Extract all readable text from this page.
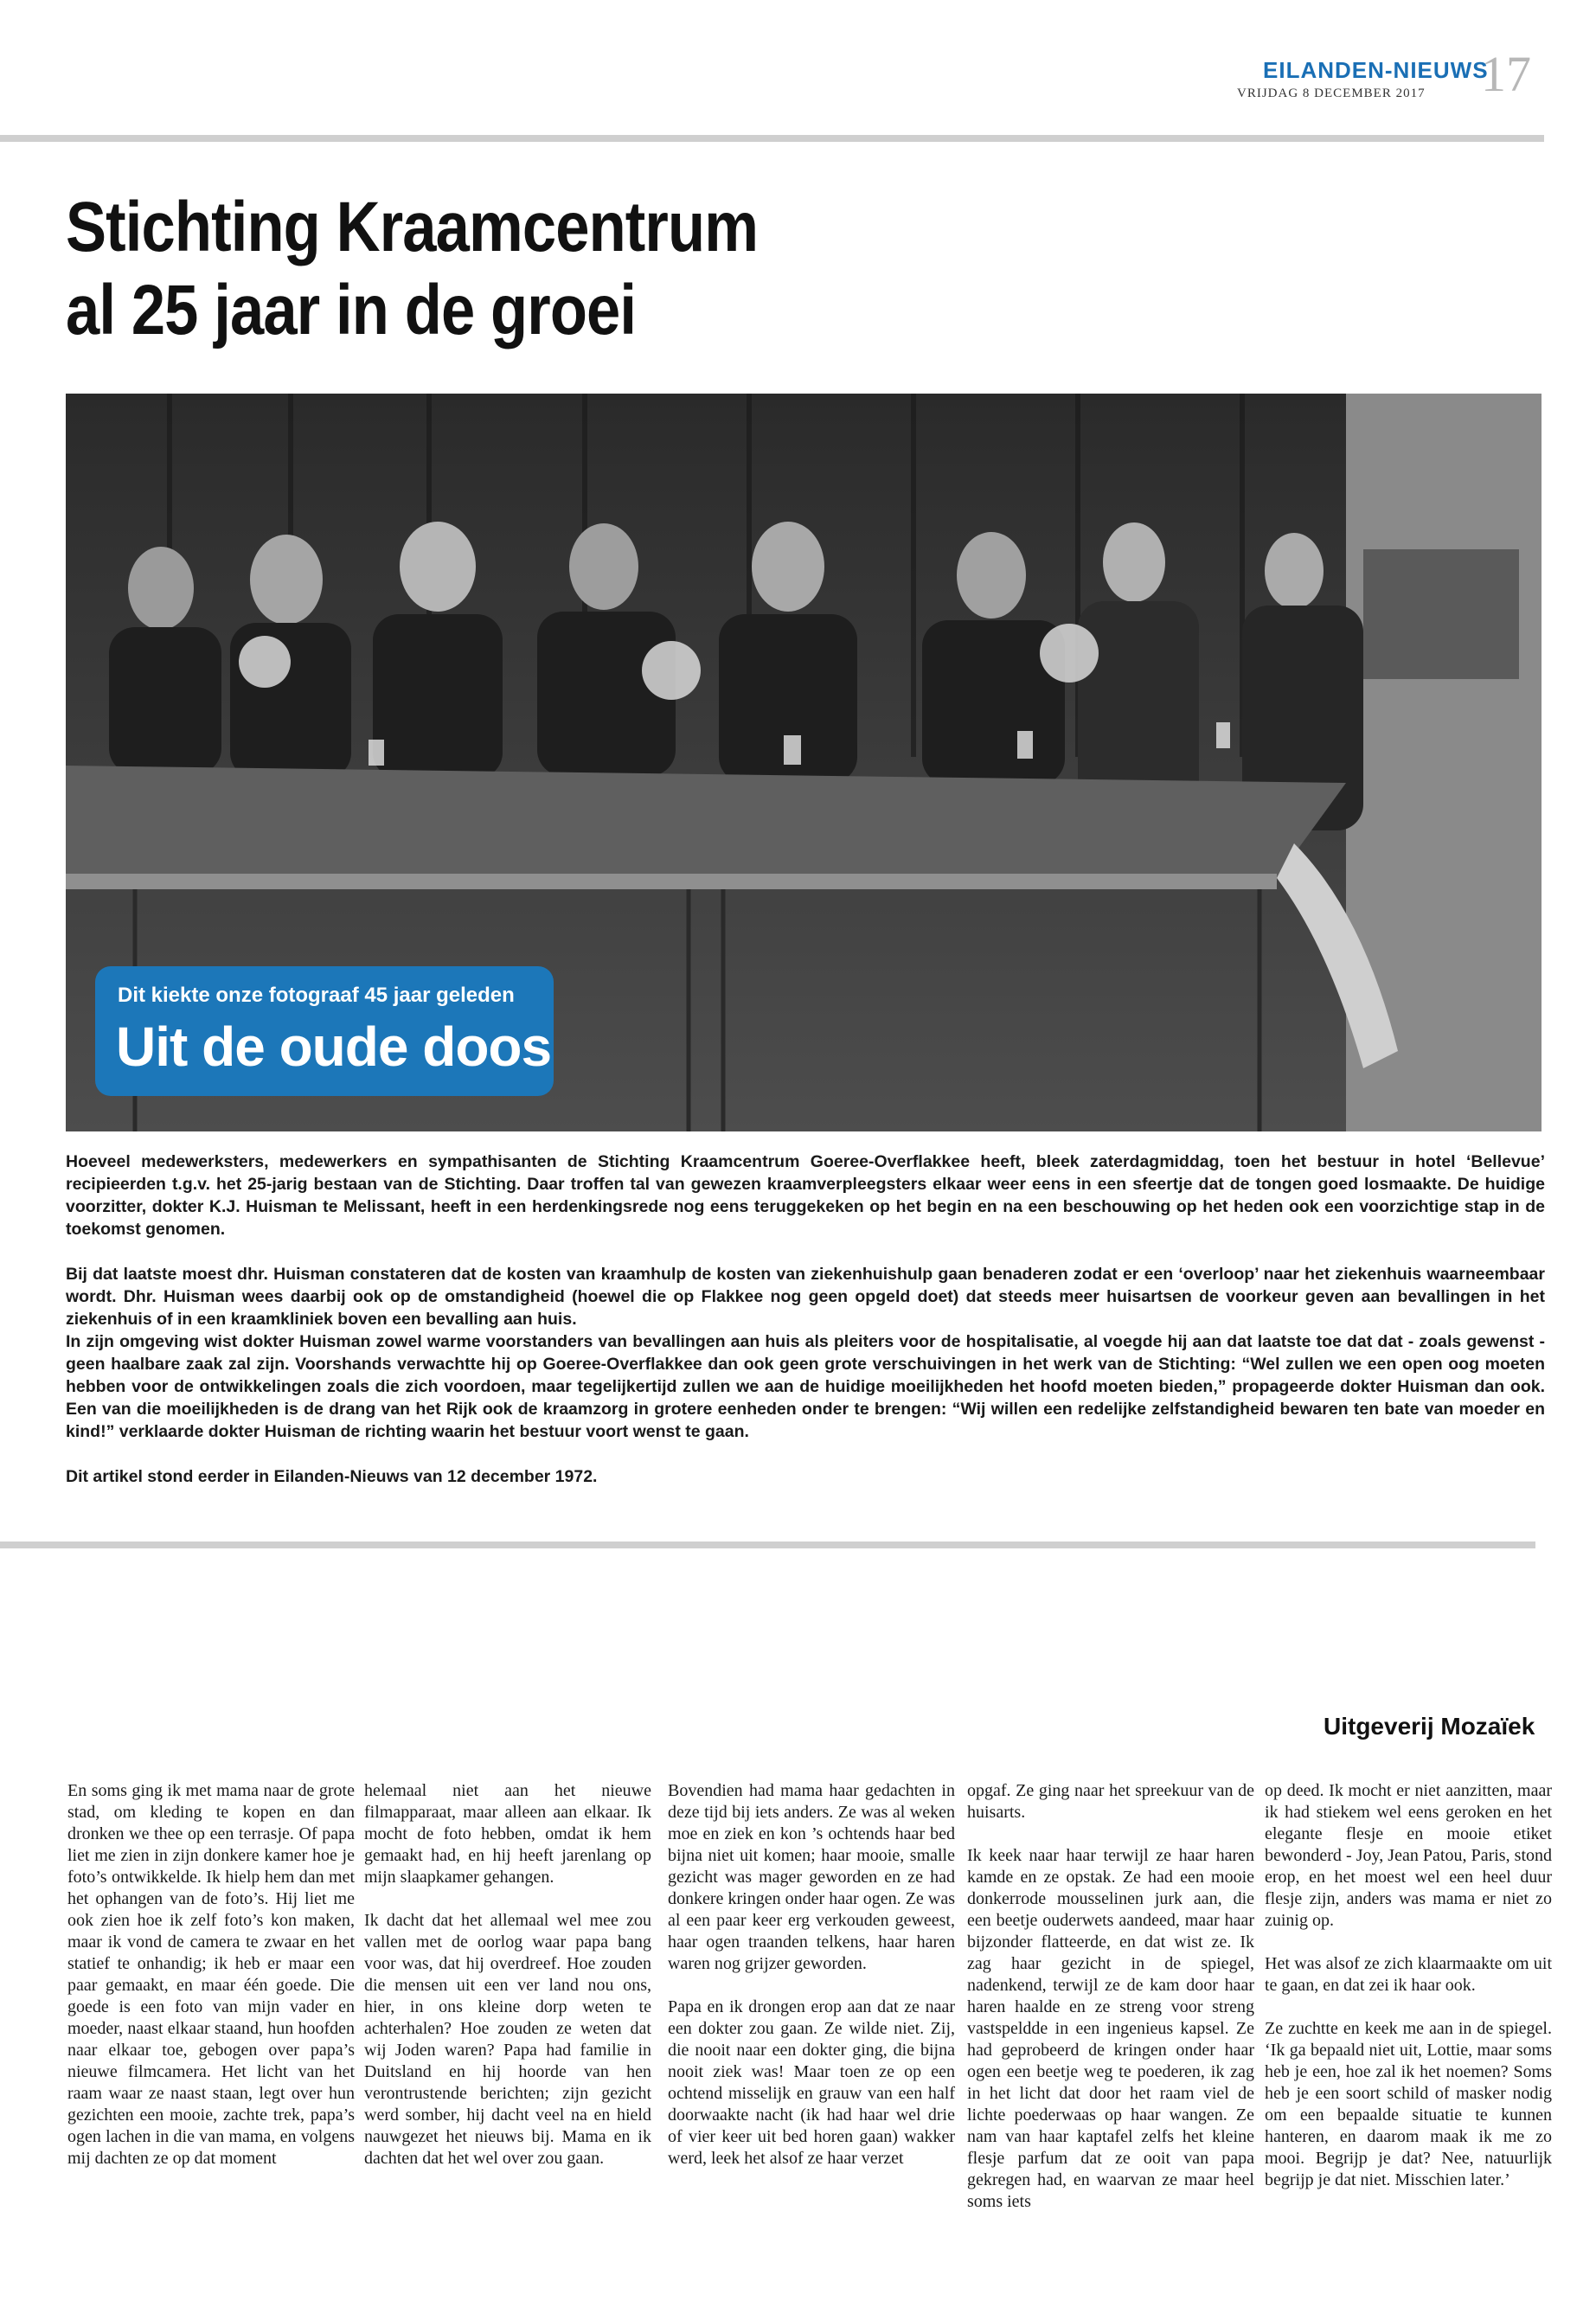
EILANDEN-NIEUWS
VRIJDAG 8 DECEMBER 2017 17
Stichting Kraamcentrum
al 25 jaar in de groei
Dit kiekte onze fotograaf 45 jaar geleden
Uit de oude doos

Hoeveel medewerksters, medewerkers en sympathisanten de Stichting Kraamcentrum Goeree-Overflakkee heeft, bleek zaterdagmiddag, toen het bestuur in hotel ‘Bellevue’ recipieerden t.g.v. het 25-jarig bestaan van de Stichting. Daar troffen tal van gewezen kraamverpleegsters elkaar weer eens in een sfeertje dat de tongen goed losmaakte. De huidige voorzitter, dokter K.J. Huisman te Melissant, heeft in een herdenkingsrede nog eens teruggekeken op het begin en na een beschouwing op het heden ook een voorzichtige stap in de toekomst genomen.

Bij dat laatste moest dhr. Huisman constateren dat de kosten van kraamhulp de kosten van ziekenhuishulp gaan benaderen zodat er een ‘overloop’ naar het ziekenhuis waarneembaar wordt. Dhr. Huisman wees daarbij ook op de omstandigheid (hoewel die op Flakkee nog geen opgeld doet) dat steeds meer huisartsen de voorkeur geven aan bevallingen in het ziekenhuis of in een kraamkliniek boven een bevalling aan huis.

In zijn omgeving wist dokter Huisman zowel warme voorstanders van bevallingen aan huis als pleiters voor de hospitalisatie, al voegde hij aan dat laatste toe dat dat - zoals gewenst - geen haalbare zaak zal zijn. Voorshands verwachtte hij op Goeree-Overflakkee dan ook geen grote verschuivingen in het werk van de Stichting: “Wel zullen we een open oog moeten hebben voor de ontwikkelingen zoals die zich voordoen, maar tegelijkertijd zullen we aan de huidige moeilijkheden het hoofd moeten bieden,” propageerde dokter Huisman dan ook. Een van die moeilijkheden is de drang van het Rijk ook de kraamzorg in grotere eenheden onder te brengen: “Wij willen een redelijke zelfstandigheid bewaren ten bate van moeder en kind!” verklaarde dokter Huisman de richting waarin het bestuur voort wenst te gaan.

Dit artikel stond eerder in Eilanden-Nieuws van 12 december 1972.

Uitgeverij Mozaïek

En soms ging ik met mama naar de grote stad, om kleding te kopen en dan dronken we thee op een terrasje. Of papa liet me zien in zijn donkere kamer hoe je foto’s ontwikkelde. Ik hielp hem dan met het ophangen van de foto’s. Hij liet me ook zien hoe ik zelf foto’s kon maken, maar ik vond de camera te zwaar en het statief te onhandig; ik heb er maar een paar gemaakt, en maar één goede. Die goede is een foto van mijn vader en moeder, naast elkaar staand, hun hoofden naar elkaar toe, gebogen over papa’s nieuwe filmcamera. Het licht van het raam waar ze naast staan, legt over hun gezichten een mooie, zachte trek, papa’s ogen lachen in die van mama, en volgens mij dachten ze op dat moment

helemaal niet aan het nieuwe filmapparaat, maar alleen aan elkaar. Ik mocht de foto hebben, omdat ik hem gemaakt had, en hij heeft jarenlang op mijn slaapkamer gehangen.

Ik dacht dat het allemaal wel mee zou vallen met de oorlog waar papa bang voor was, dat hij overdreef. Hoe zouden die mensen uit een ver land nou ons, hier, in ons kleine dorp weten te achterhalen? Hoe zouden ze weten dat wij Joden waren? Papa had familie in Duitsland en hij hoorde van hen verontrustende berichten; zijn gezicht werd somber, hij dacht veel na en hield nauwgezet het nieuws bij. Mama en ik dachten dat het wel over zou gaan.

Bovendien had mama haar gedachten in deze tijd bij iets anders. Ze was al weken moe en ziek en kon ’s ochtends haar bed bijna niet uit komen; haar mooie, smalle gezicht was mager geworden en ze had donkere kringen onder haar ogen. Ze was al een paar keer erg verkouden geweest, haar ogen traanden telkens, haar haren waren nog grijzer geworden.

Papa en ik drongen erop aan dat ze naar een dokter zou gaan. Ze wilde niet. Zij, die nooit naar een dokter ging, die bijna nooit ziek was! Maar toen ze op een ochtend misselijk en grauw van een half doorwaakte nacht (ik had haar wel drie of vier keer uit bed horen gaan) wakker werd, leek het alsof ze haar verzet

opgaf. Ze ging naar het spreekuur van de huisarts.

Ik keek naar haar terwijl ze haar haren kamde en ze opstak. Ze had een mooie donkerrode mousselinen jurk aan, die een beetje ouderwets aandeed, maar haar bijzonder flatteerde, en dat wist ze. Ik zag haar gezicht in de spiegel, nadenkend, terwijl ze de kam door haar haren haalde en ze streng voor streng vastspeldde in een ingenieus kapsel. Ze had geprobeerd de kringen onder haar ogen een beetje weg te poederen, ik zag in het licht dat door het raam viel de lichte poederwaas op haar wangen. Ze nam van haar kaptafel zelfs het kleine flesje parfum dat ze ooit van papa gekregen had, en waarvan ze maar heel soms iets

op deed. Ik mocht er niet aanzitten, maar ik had stiekem wel eens geroken en het elegante flesje en mooie etiket bewonderd - Joy, Jean Patou, Paris, stond erop, en het moest wel een heel duur flesje zijn, anders was mama er niet zo zuinig op.

Het was alsof ze zich klaarmaakte om uit te gaan, en dat zei ik haar ook.

Ze zuchtte en keek me aan in de spiegel. ‘Ik ga bepaald niet uit, Lottie, maar soms heb je een, hoe zal ik het noemen? Soms heb je een soort schild of masker nodig om een bepaalde situatie te kunnen hanteren, en daarom maak ik me zo mooi. Begrijp je dat? Nee, natuurlijk begrijp je dat niet. Misschien later.’
